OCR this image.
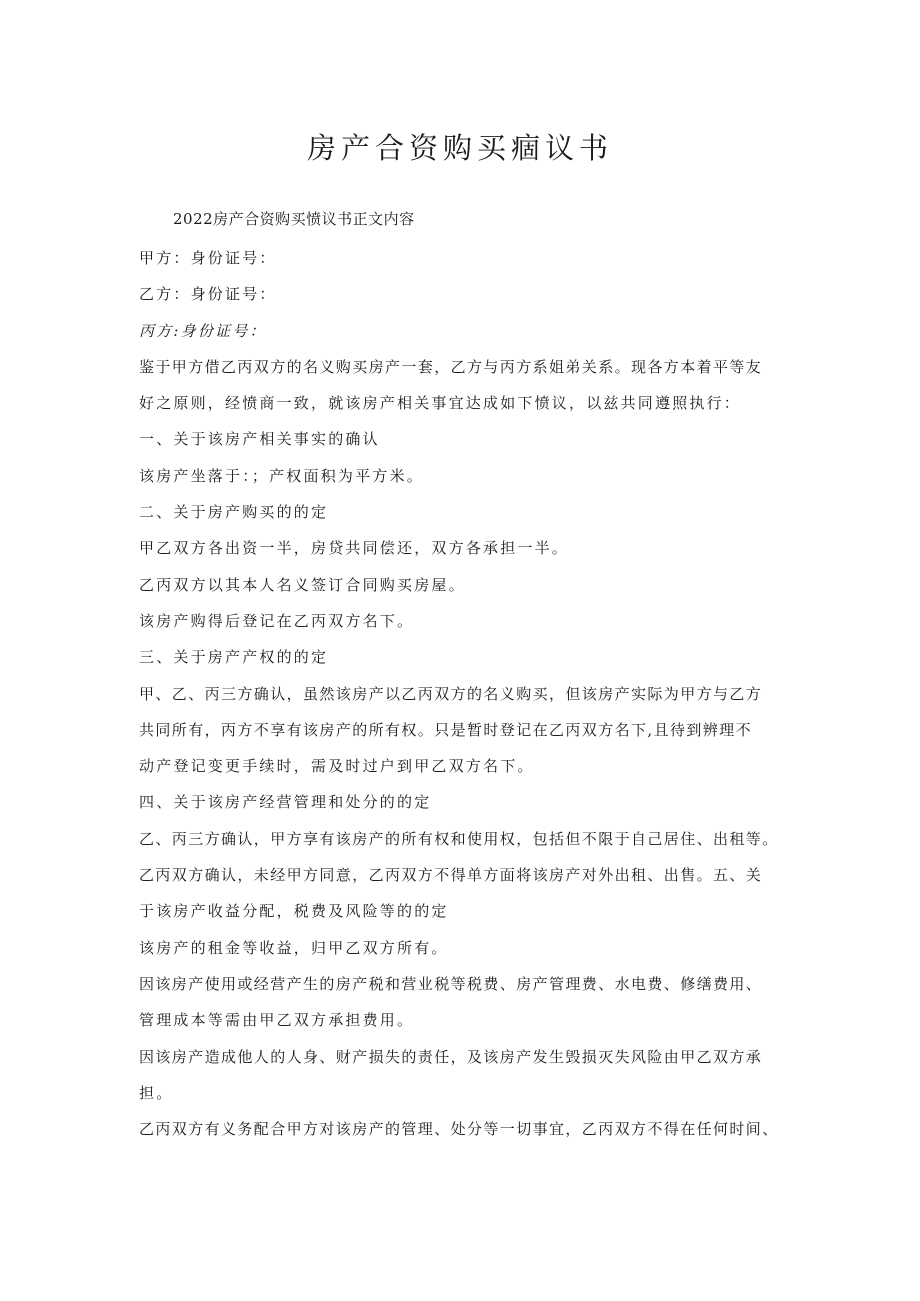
房产合资购买痼议书
2022房产合资购买愤议书正文内容
甲方：身份证号：
乙方：身份证号：
丙方:身份证号：
鉴于甲方借乙丙双方的名义购买房产一套，乙方与丙方系姐弟关系。现各方本着平等友
好之原则，经愤商一致，就该房产相关事宜达成如下愤议，以兹共同遵照执行：
一、关于该房产相关事实的确认
该房产坐落于：；产权面积为平方米。
二、关于房产购买的的定
甲乙双方各出资一半，房贷共同偿还，双方各承担一半。
乙丙双方以其本人名义签订合同购买房屋。
该房产购得后登记在乙丙双方名下。
三、关于房产产权的的定
甲、乙、丙三方确认，虽然该房产以乙丙双方的名义购买，但该房产实际为甲方与乙方
共同所有，丙方不享有该房产的所有权。只是暂时登记在乙丙双方名下,且待到辨理不
动产登记变更手续时，需及时过户到甲乙双方名下。
四、关于该房产经营管理和处分的的定
乙、丙三方确认，甲方享有该房产的所有权和使用权，包括但不限于自己居住、出租等。
乙丙双方确认，未经甲方同意，乙丙双方不得单方面将该房产对外出租、出售。五、关
于该房产收益分配，税费及风险等的的定
该房产的租金等收益，归甲乙双方所有。
因该房产使用或经营产生的房产税和营业税等税费、房产管理费、水电费、修缮费用、
管理成本等需由甲乙双方承担费用。
因该房产造成他人的人身、财产损失的责任，及该房产发生毁损灭失风险由甲乙双方承
担。
乙丙双方有义务配合甲方对该房产的管理、处分等一切事宜，乙丙双方不得在任何时间、
